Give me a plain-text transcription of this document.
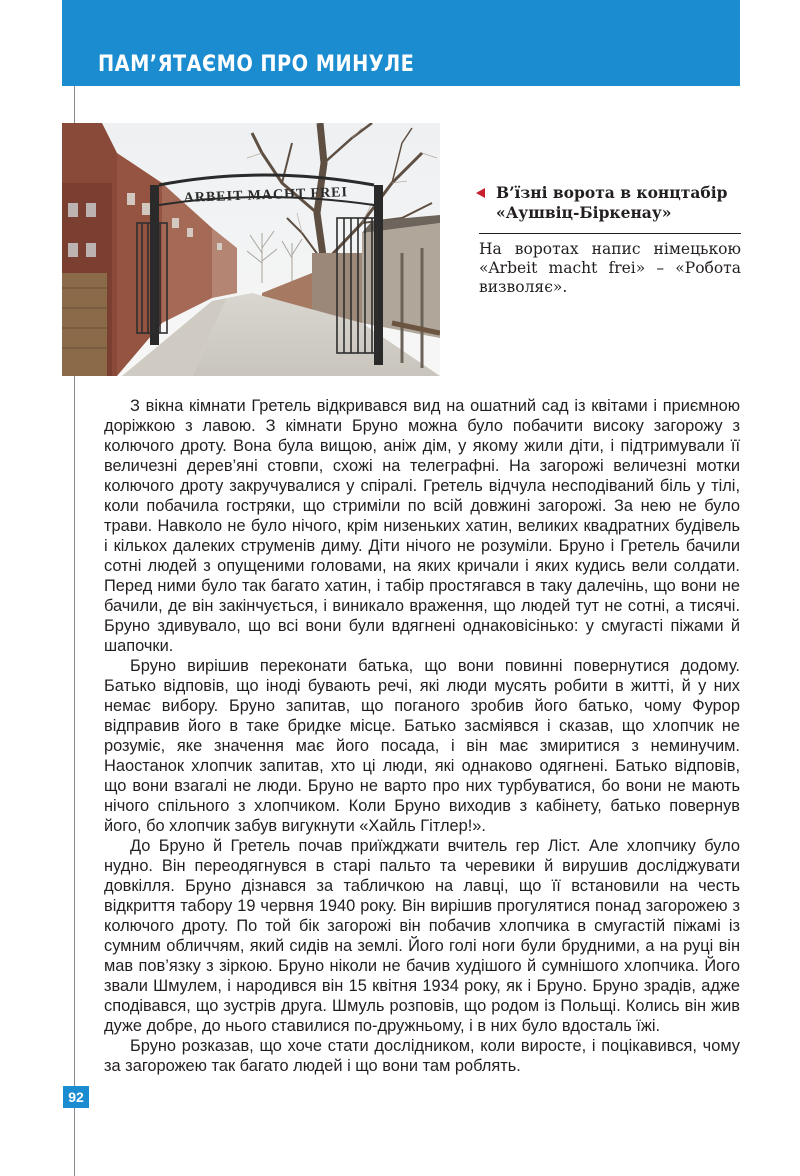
ПАМ’ЯТАЄМО ПРО МИНУЛЕ
ARBEIT MACHT FREI	В’їзні ворота в концтабір «Аушвіц-Біркенау»
На воротах напис німецькою «Arbeit macht frei» – «Робота визволяє».

З вікна кімнати Гретель відкривався вид на ошатний сад із квітами і приємною доріжкою з лавою. З кімнати Бруно можна було побачити високу загорожу з колючого дроту. Вона була вищою, аніж дім, у якому жили діти, і підтримували її величезні дерев’яні стовпи, схожі на телеграфні. На загорожі величезні мотки колючого дроту закручувалися у спіралі. Гретель відчула несподіваний біль у тілі, коли побачила гостряки, що стриміли по всій довжині загорожі. За нею не було трави. Навколо не було нічого, крім низеньких хатин, великих квадратних будівель і кількох далеких струменів диму. Діти нічого не розуміли. Бруно і Гретель бачили сотні людей з опущеними головами, на яких кричали і яких кудись вели солдати. Перед ними було так багато хатин, і табір простягався в таку далечінь, що вони не бачили, де він закінчується, і виникало враження, що людей тут не сотні, а тисячі. Бруно здивувало, що всі вони були вдягнені однаковісінько: у смугасті піжами й шапочки.

Бруно вирішив переконати батька, що вони повинні повернутися додому. Батько відповів, що іноді бувають речі, які люди мусять робити в житті, й у них немає вибору. Бруно запитав, що поганого зробив його батько, чому Фурор відправив його в таке бридке місце. Батько засміявся і сказав, що хлопчик не розуміє, яке значення має його посада, і він має змиритися з неминучим. Наостанок хлопчик запитав, хто ці люди, які однаково одягнені. Батько відповів, що вони взагалі не люди. Бруно не варто про них турбуватися, бо вони не мають нічого спільного з хлопчиком. Коли Бруно виходив з кабінету, батько повернув його, бо хлопчик забув вигукнути «Хайль Гітлер!».

До Бруно й Гретель почав приїжджати вчитель гер Ліст. Але хлопчику було нудно. Він переодягнувся в старі пальто та черевики й вирушив досліджувати довкілля. Бруно дізнався за табличкою на лавці, що її встановили на честь відкриття табору 19 червня 1940 року. Він вирішив прогулятися понад загорожею з колючого дроту. По той бік загорожі він побачив хлопчика в смугастій піжамі із сумним обличчям, який сидів на землі. Його голі ноги були брудними, а на руці він мав пов’язку з зіркою. Бруно ніколи не бачив худішого й сумнішого хлопчика. Його звали Шмулем, і народився він 15 квітня 1934 року, як і Бруно. Бруно зрадів, адже сподівався, що зустрів друга. Шмуль розповів, що родом із Польщі. Колись він жив дуже добре, до нього ставилися по-дружньому, і в них було вдосталь їжі.

Бруно розказав, що хоче стати дослідником, коли виросте, і поцікавився, чому за загорожею так багато людей і що вони там роблять.

92
